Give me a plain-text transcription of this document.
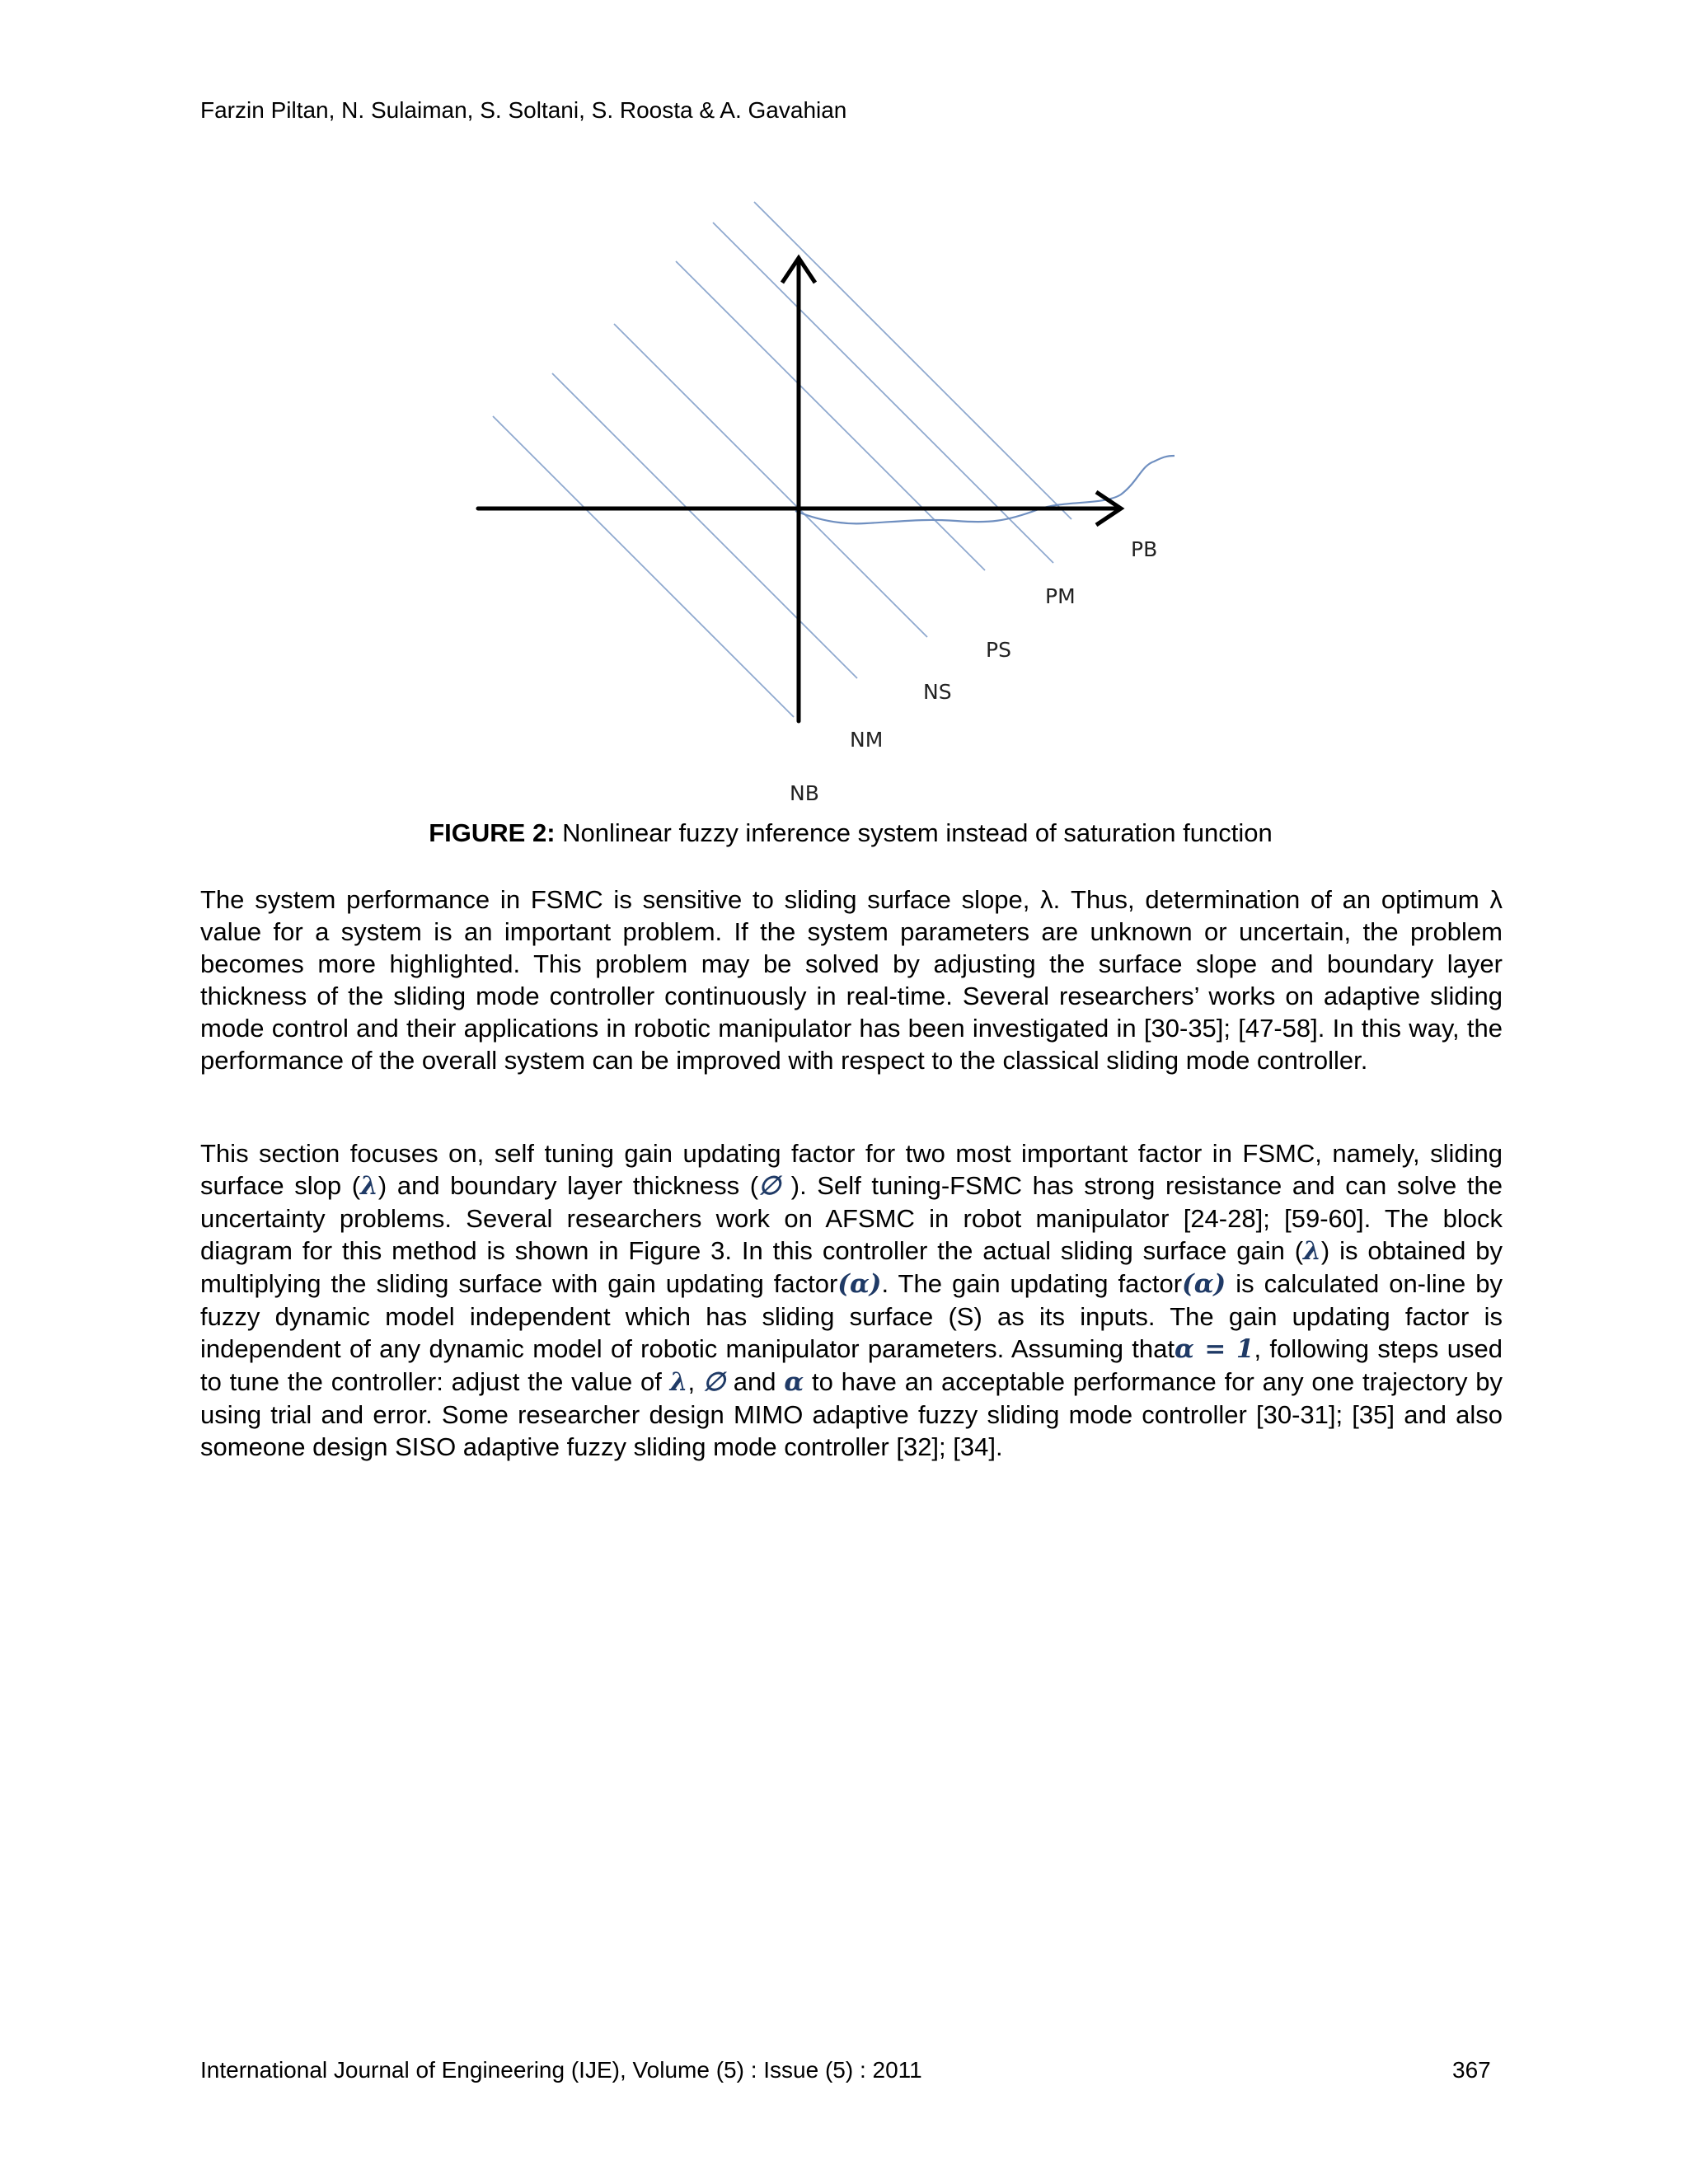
Farzin Piltan, N. Sulaiman, S. Soltani, S. Roosta & A. Gavahian
NB
NM
NS
PS
PM
PB
FIGURE 2: Nonlinear fuzzy inference system instead of saturation function

The system performance in FSMC is sensitive to sliding surface slope, λ. Thus, determination of an optimum λ value for a system is an important problem. If the system parameters are unknown or uncertain, the problem becomes more highlighted. This problem may be solved by adjusting the surface slope and boundary layer thickness of the sliding mode controller continuously in real-time. Several researchers’ works on adaptive sliding mode control and their applications in robotic manipulator has been investigated in [30-35]; [47-58]. In this way, the performance of the overall system can be improved with respect to the classical sliding mode controller.

This section focuses on, self tuning gain updating factor for two most important factor in FSMC, namely, sliding surface slop (λ) and boundary layer thickness (∅ ). Self tuning-FSMC has strong resistance and can solve the uncertainty problems. Several researchers work on AFSMC in robot manipulator [24-28]; [59-60]. The block diagram for this method is shown in Figure 3. In this controller the actual sliding surface gain (λ) is obtained by multiplying the sliding surface with gain updating factor(α). The gain updating factor(α) is calculated on-line by fuzzy dynamic model independent which has sliding surface (S) as its inputs. The gain updating factor is independent of any dynamic model of robotic manipulator parameters. Assuming thatα = 1, following steps used to tune the controller: adjust the value of λ, ∅ and α to have an acceptable performance for any one trajectory by using trial and error. Some researcher design MIMO adaptive fuzzy sliding mode controller [30-31]; [35] and also someone design SISO adaptive fuzzy sliding mode controller [32]; [34].

International Journal of Engineering (IJE), Volume (5) : Issue (5) : 2011	367
